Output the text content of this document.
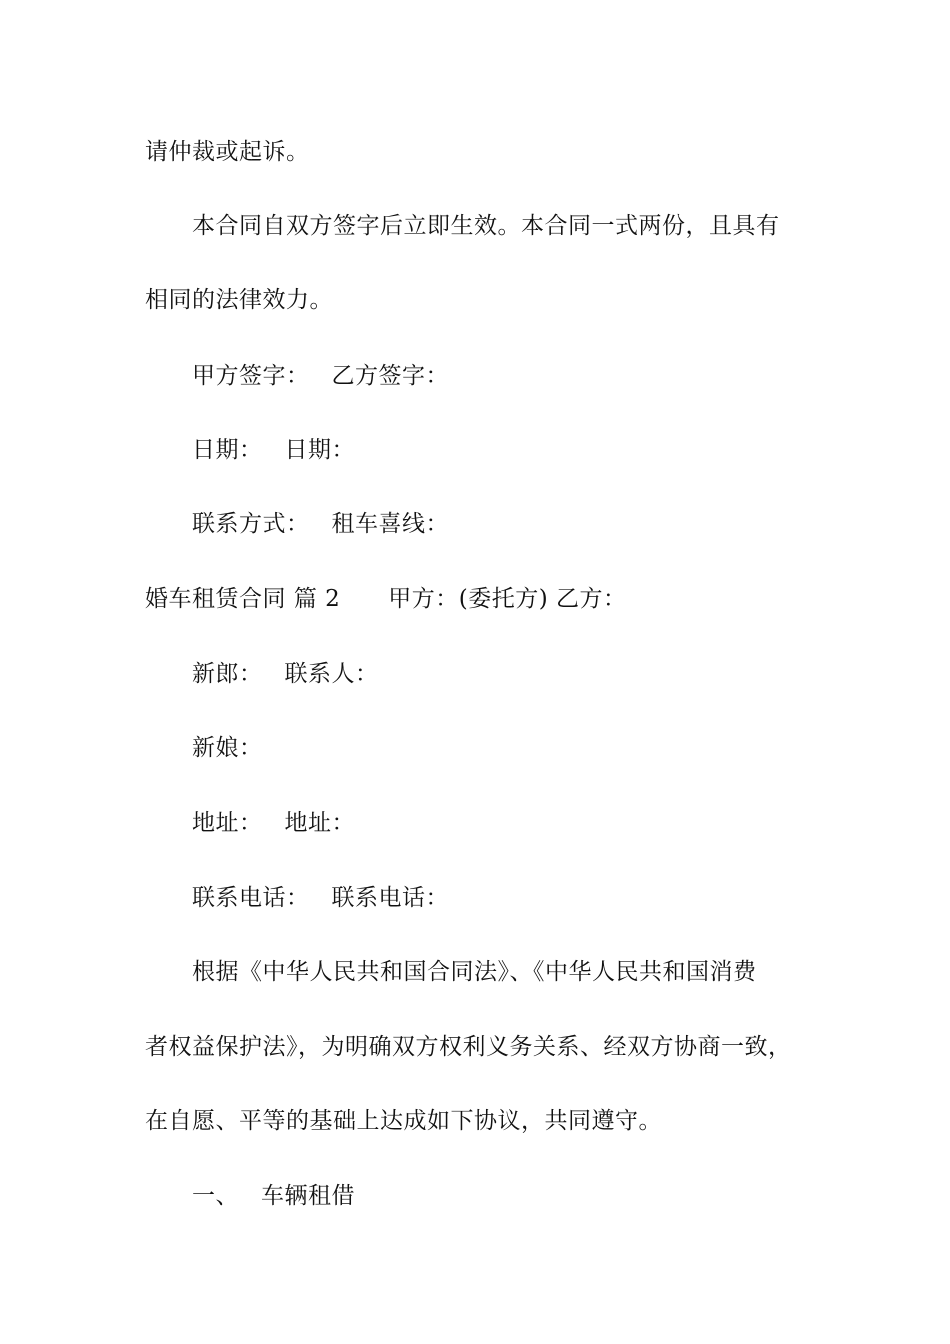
请仲裁或起诉。
本合同自双方签字后立即生效。本合同一式两份，且具有
相同的法律效力。
甲方签字： 乙方签字：
日期： 日期：
联系方式： 租车喜线：
婚车租赁合同 篇 2 甲方：(委托方) 乙方：
新郎： 联系人：
新娘：
地址： 地址：
联系电话： 联系电话：
根据《中华人民共和国合同法》、《中华人民共和国消费
者权益保护法》，为明确双方权利义务关系、经双方协商一致，
在自愿、平等的基础上达成如下协议，共同遵守。
一、 车辆租借
